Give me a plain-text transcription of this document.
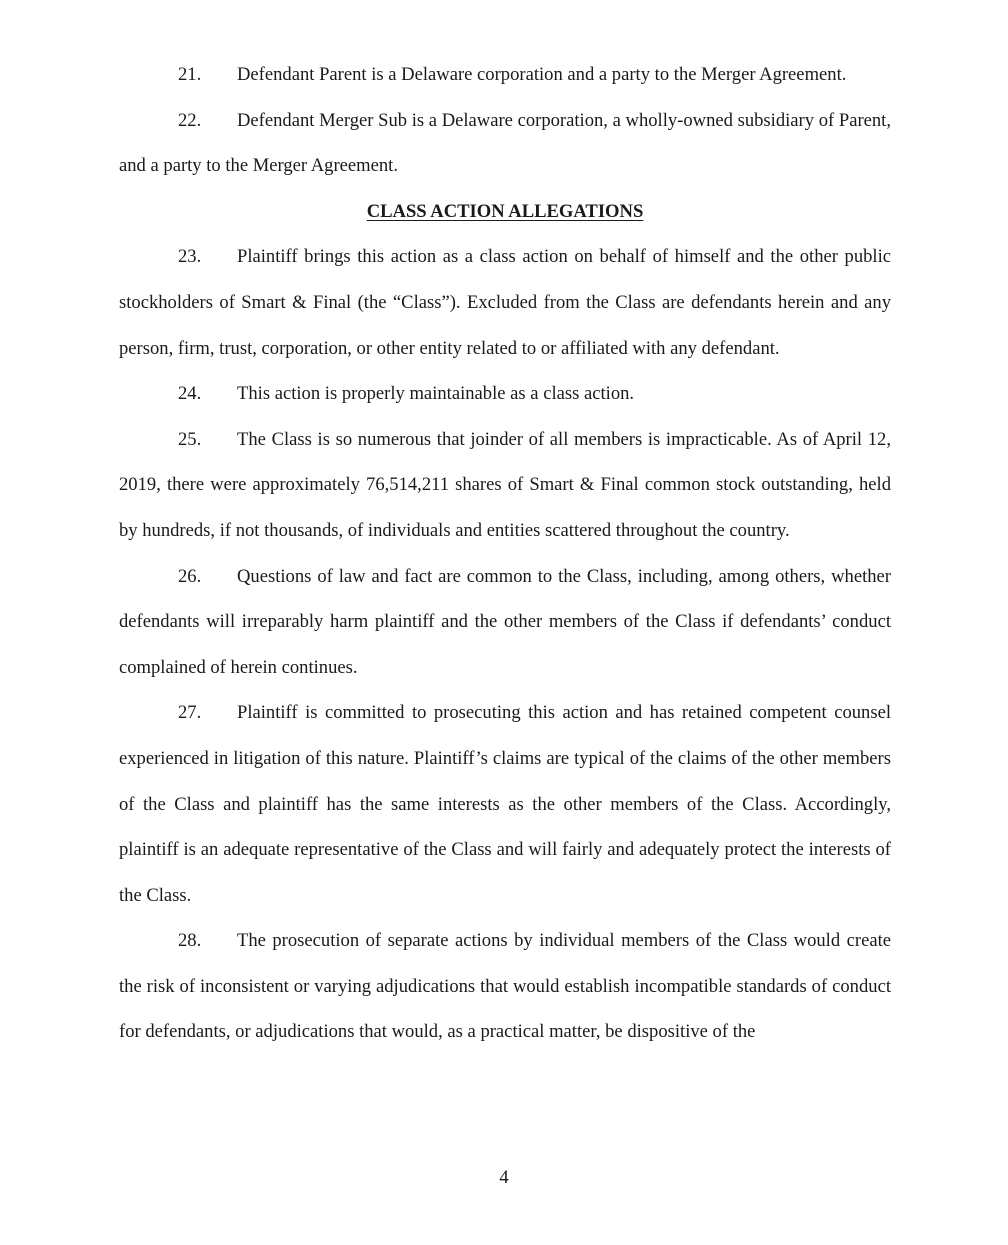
21. Defendant Parent is a Delaware corporation and a party to the Merger Agreement.

22. Defendant Merger Sub is a Delaware corporation, a wholly-owned subsidiary of Parent, and a party to the Merger Agreement.

CLASS ACTION ALLEGATIONS

23. Plaintiff brings this action as a class action on behalf of himself and the other public stockholders of Smart & Final (the “Class”). Excluded from the Class are defendants herein and any person, firm, trust, corporation, or other entity related to or affiliated with any defendant.

24. This action is properly maintainable as a class action.

25. The Class is so numerous that joinder of all members is impracticable. As of April 12, 2019, there were approximately 76,514,211 shares of Smart & Final common stock outstanding, held by hundreds, if not thousands, of individuals and entities scattered throughout the country.

26. Questions of law and fact are common to the Class, including, among others, whether defendants will irreparably harm plaintiff and the other members of the Class if defendants’ conduct complained of herein continues.

27. Plaintiff is committed to prosecuting this action and has retained competent counsel experienced in litigation of this nature. Plaintiff’s claims are typical of the claims of the other members of the Class and plaintiff has the same interests as the other members of the Class. Accordingly, plaintiff is an adequate representative of the Class and will fairly and adequately protect the interests of the Class.

28. The prosecution of separate actions by individual members of the Class would create the risk of inconsistent or varying adjudications that would establish incompatible standards of conduct for defendants, or adjudications that would, as a practical matter, be dispositive of the

4
